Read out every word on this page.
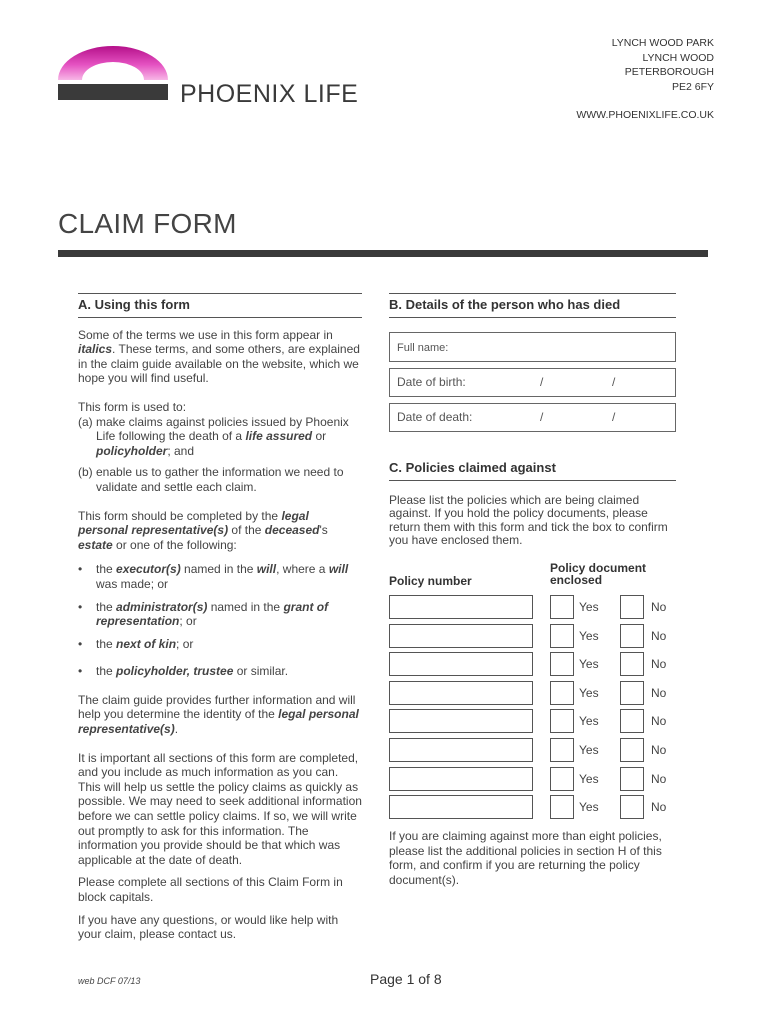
PHOENIX LIFE
LYNCH WOOD PARK
LYNCH WOOD
PETERBOROUGH
PE2 6FY
WWW.PHOENIXLIFE.CO.UK
CLAIM FORM
A. Using this form

Some of the terms we use in this form appear in italics. These terms, and some others, are explained in the claim guide available on the website, which we hope you will find useful.

This form is used to:

(a) make claims against policies issued by Phoenix Life following the death of a life assured or policyholder; and
(b) enable us to gather the information we need to validate and settle each claim.

This form should be completed by the legal personal representative(s) of the deceased's estate or one of the following:

• the executor(s) named in the will, where a will was made; or
• the administrator(s) named in the grant of representation; or
• the next of kin; or
• the policyholder, trustee or similar.

The claim guide provides further information and will help you determine the identity of the legal personal representative(s).

It is important all sections of this form are completed, and you include as much information as you can. This will help us settle the policy claims as quickly as possible. We may need to seek additional information before we can settle policy claims. If so, we will write out promptly to ask for this information. The information you provide should be that which was applicable at the date of death.

Please complete all sections of this Claim Form in block capitals.

If you have any questions, or would like help with your claim, please contact us.

B. Details of the person who has died
Full name:
Date of birth:	/	/
Date of death:	/	/
C. Policies claimed against

Please list the policies which are being claimed against. If you hold the policy documents, please return them with this form and tick the box to confirm you have enclosed them.

Policy number
Policy document enclosed
Yes	No
Yes	No
Yes	No
Yes	No
Yes	No
Yes	No
Yes	No
Yes	No

If you are claiming against more than eight policies, please list the additional policies in section H of this form, and confirm if you are returning the policy document(s).

web DCF 07/13	Page 1 of 8
